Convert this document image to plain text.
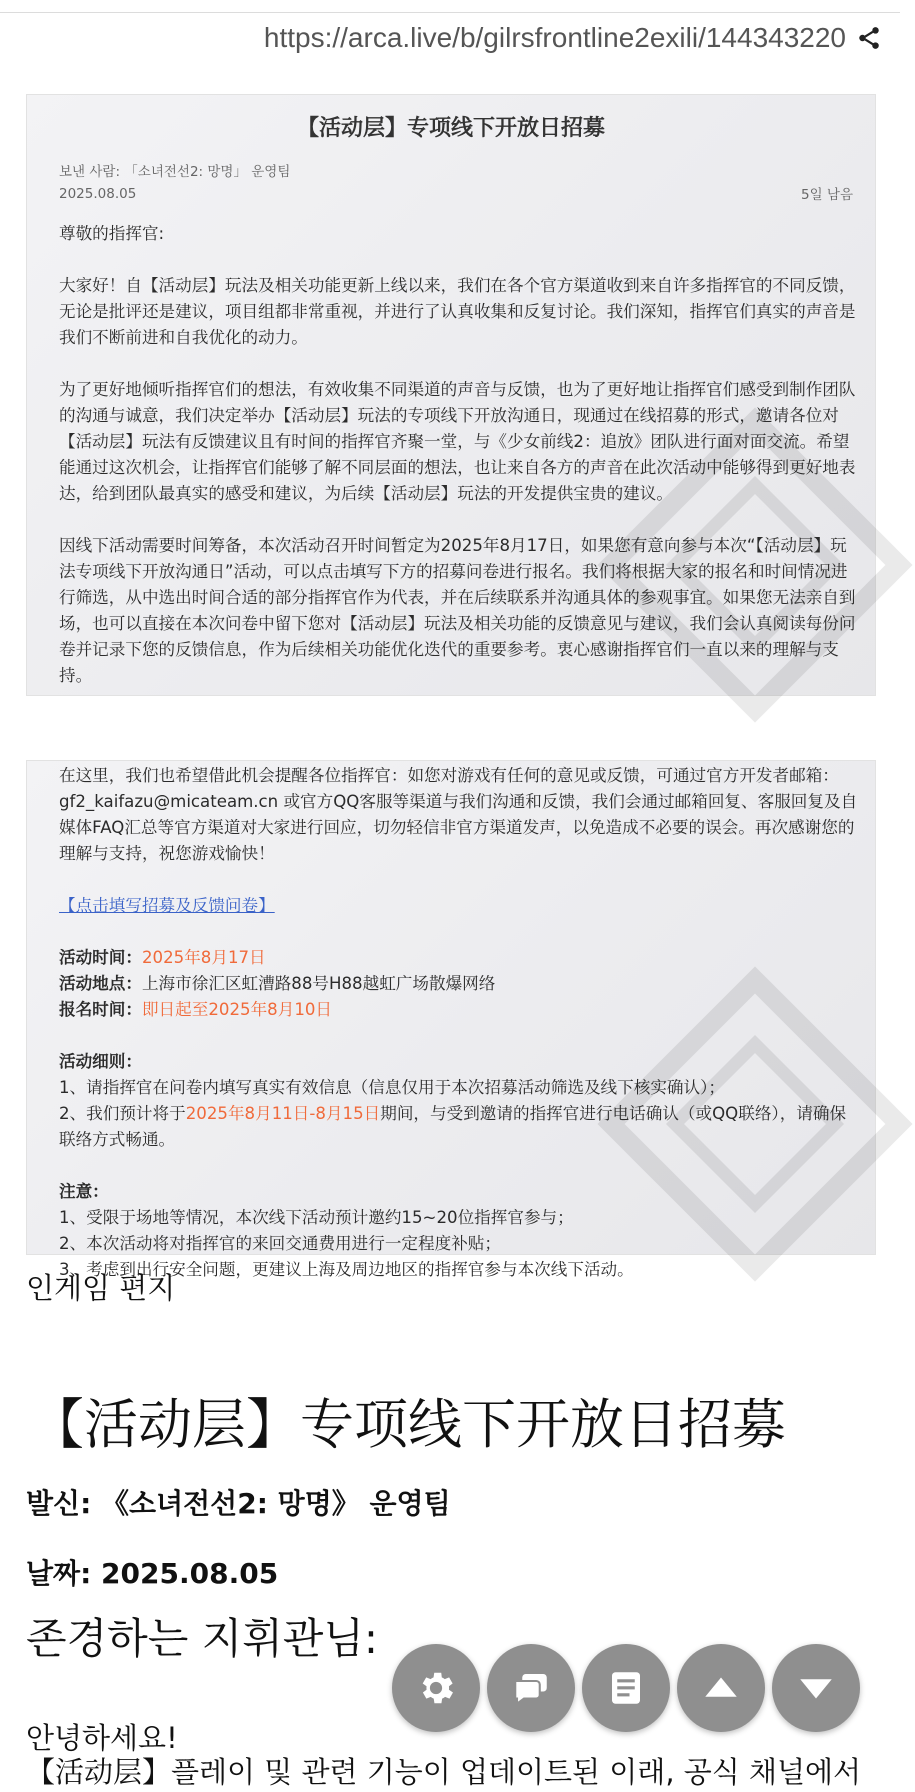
https://arca.live/b/gilrsfrontline2exili/144343220
【活动层】专项线下开放日招募
보낸 사람: 「소녀전선2: 망명」 운영팀
2025.08.05	5일 남음

尊敬的指挥官:

大家好！自【活动层】玩法及相关功能更新上线以来，我们在各个官方渠道收到来自许多指挥官的不同反馈，无论是批评还是建议，项目组都非常重视，并进行了认真收集和反复讨论。我们深知，指挥官们真实的声音是我们不断前进和自我优化的动力。

为了更好地倾听指挥官们的想法，有效收集不同渠道的声音与反馈，也为了更好地让指挥官们感受到制作团队的沟通与诚意，我们决定举办【活动层】玩法的专项线下开放沟通日，现通过在线招募的形式，邀请各位对【活动层】玩法有反馈建议且有时间的指挥官齐聚一堂，与《少女前线2：追放》团队进行面对面交流。希望能通过这次机会，让指挥官们能够了解不同层面的想法，也让来自各方的声音在此次活动中能够得到更好地表达，给到团队最真实的感受和建议，为后续【活动层】玩法的开发提供宝贵的建议。

因线下活动需要时间筹备，本次活动召开时间暂定为2025年8月17日，如果您有意向参与本次“【活动层】玩法专项线下开放沟通日”活动，可以点击填写下方的招募问卷进行报名。我们将根据大家的报名和时间情况进行筛选，从中选出时间合适的部分指挥官作为代表，并在后续联系并沟通具体的参观事宜。如果您无法亲自到场，也可以直接在本次问卷中留下您对【活动层】玩法及相关功能的反馈意见与建议，我们会认真阅读每份问卷并记录下您的反馈信息，作为后续相关功能优化迭代的重要参考。衷心感谢指挥官们一直以来的理解与支持。

在这里，我们也希望借此机会提醒各位指挥官：如您对游戏有任何的意见或反馈，可通过官方开发者邮箱：gf2_kaifazu@micateam.cn 或官方QQ客服等渠道与我们沟通和反馈，我们会通过邮箱回复、客服回复及自媒体FAQ汇总等官方渠道对大家进行回应，切勿轻信非官方渠道发声，以免造成不必要的误会。再次感谢您的理解与支持，祝您游戏愉快！

【点击填写招募及反馈问卷】

活动时间：2025年8月17日
活动地点：上海市徐汇区虹漕路88号H88越虹广场散爆网络
报名时间：即日起至2025年8月10日

活动细则：
1、请指挥官在问卷内填写真实有效信息（信息仅用于本次招募活动筛选及线下核实确认）；
2、我们预计将于2025年8月11日-8月15日期间，与受到邀请的指挥官进行电话确认（或QQ联络），请确保联络方式畅通。

注意：
1、受限于场地等情况，本次线下活动预计邀约15~20位指挥官参与；
2、本次活动将对指挥官的来回交通费用进行一定程度补贴；
3、考虑到出行安全问题，更建议上海及周边地区的指挥官参与本次线下活动。

인게임 편지
【活动层】专项线下开放日招募
발신: 《소녀전선2: 망명》 운영팀
날짜: 2025.08.05
존경하는 지휘관님:
안녕하세요!
【活动层】플레이 및 관련 기능이 업데이트된 이래, 공식 채널에서
